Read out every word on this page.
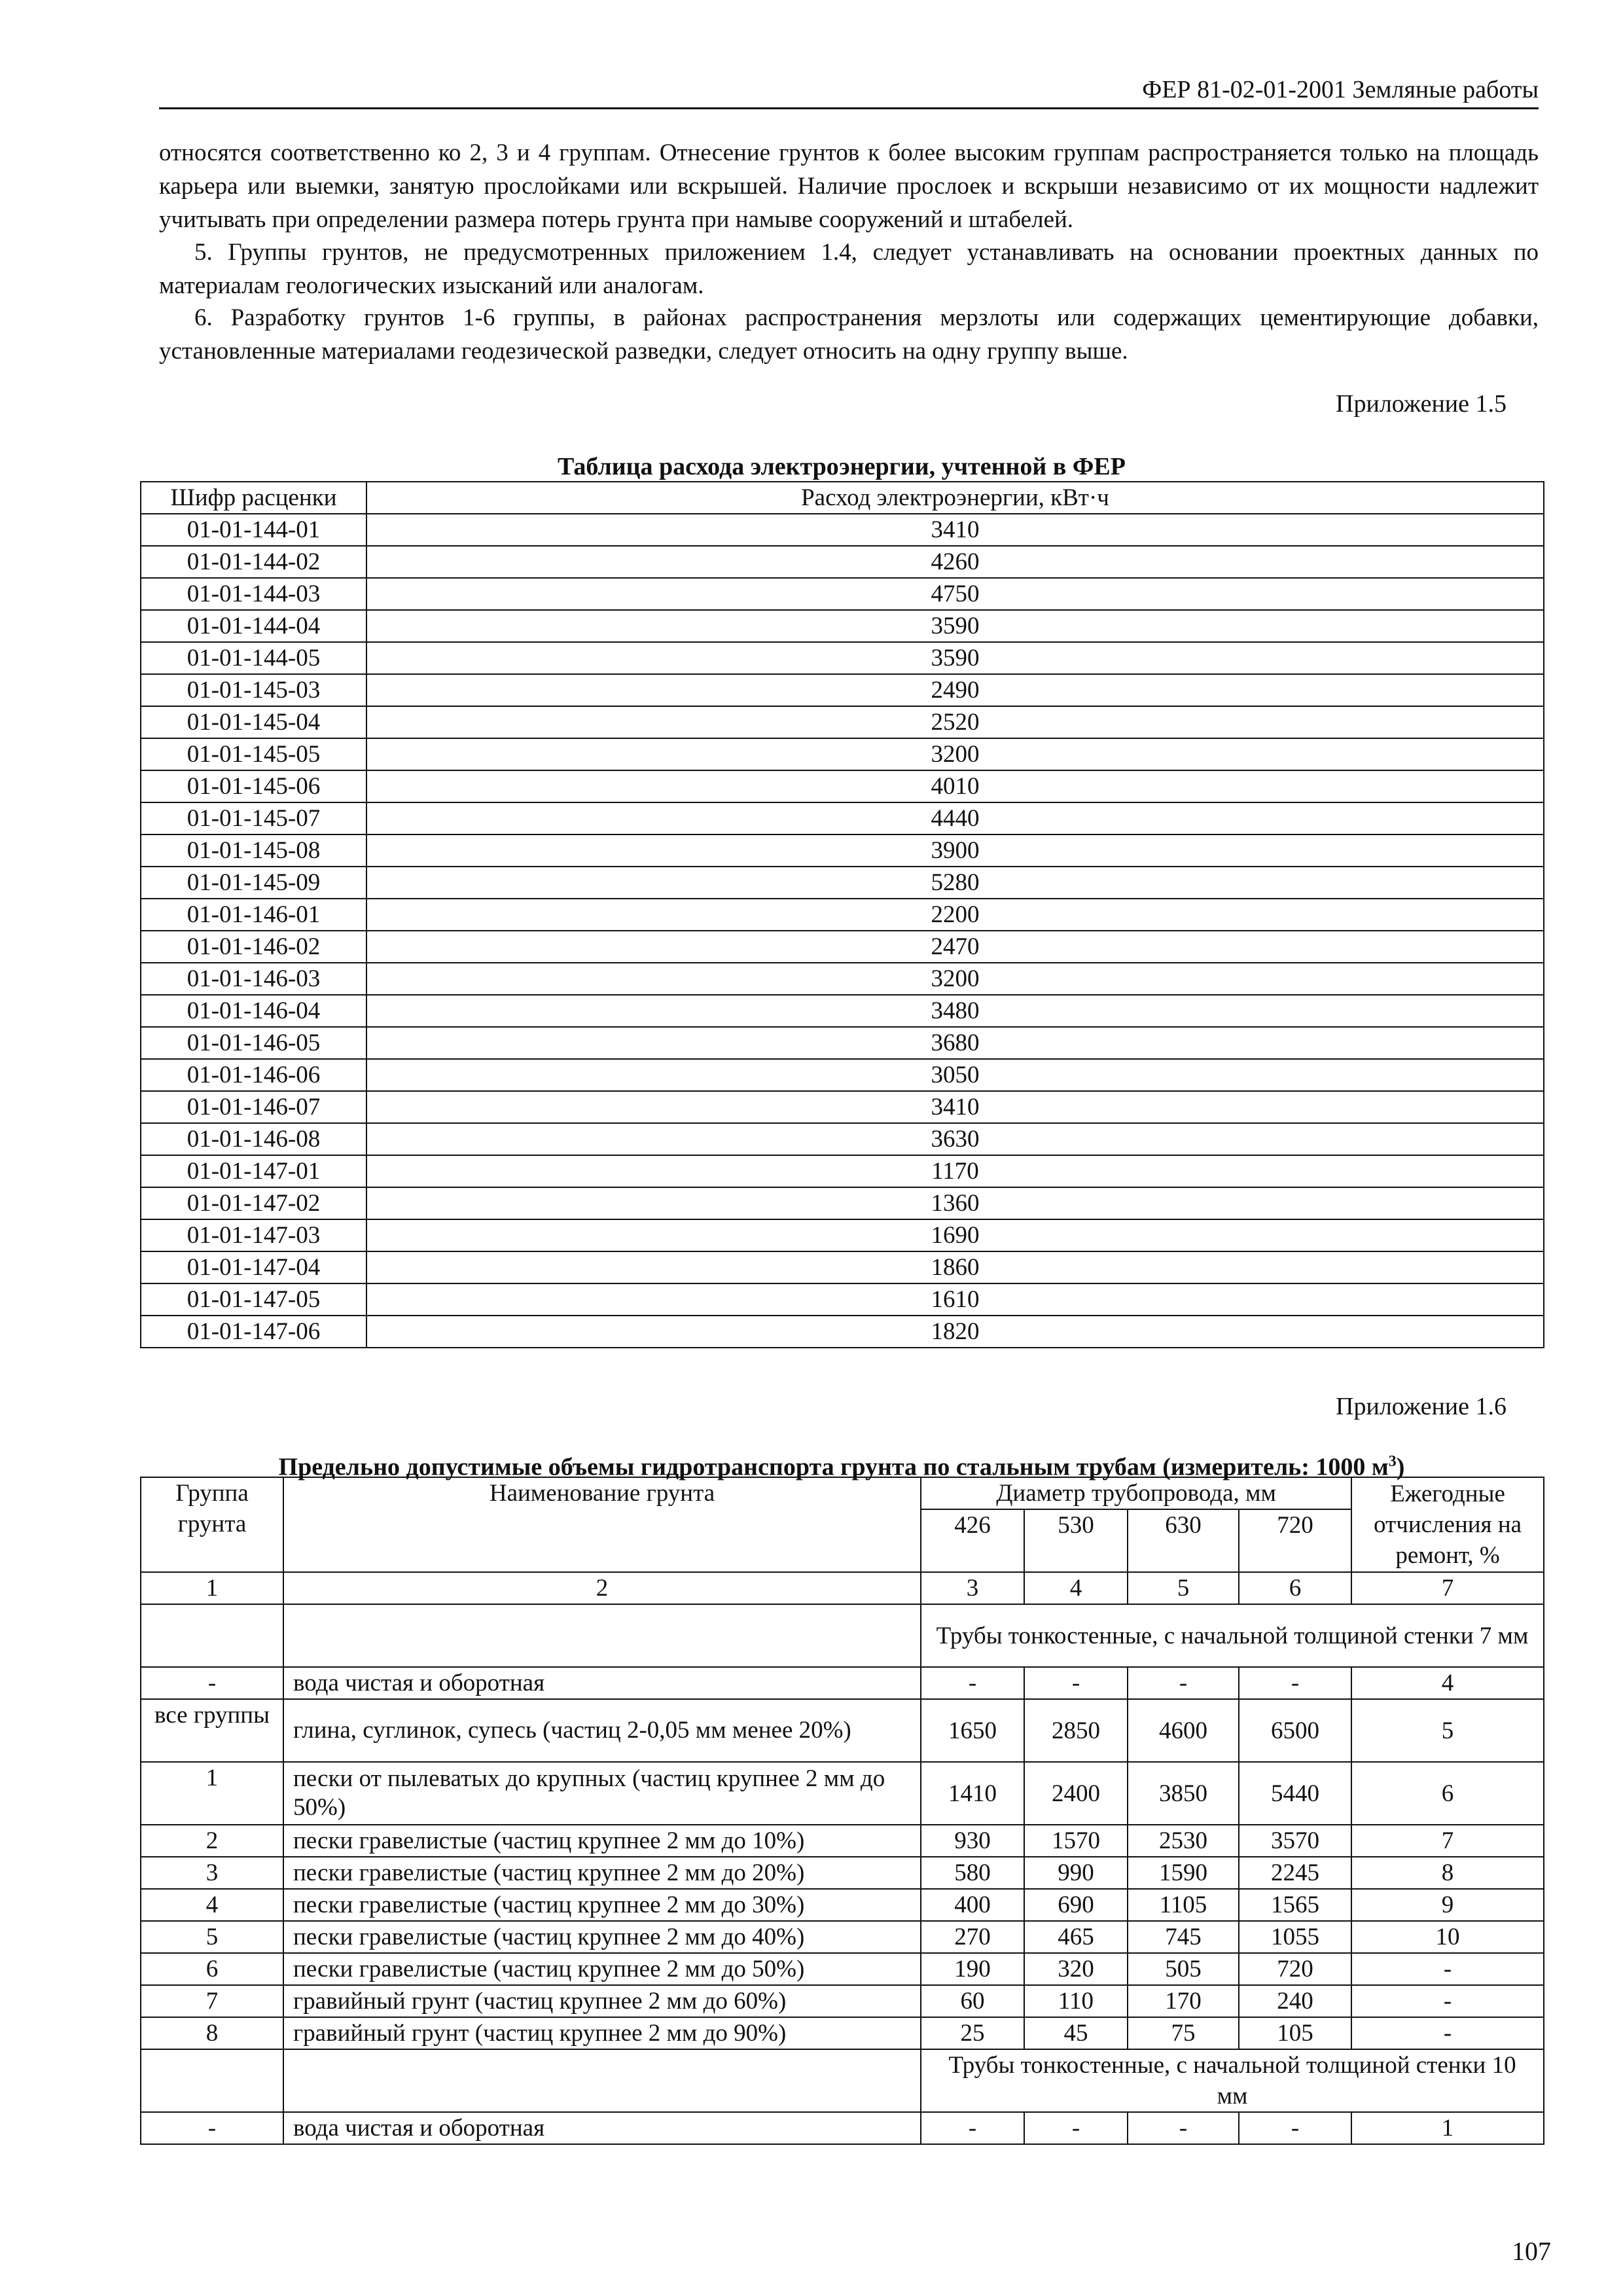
ФЕР 81-02-01-2001 Земляные работы

относятся соответственно ко 2, 3 и 4 группам. Отнесение грунтов к более высоким группам распространяется только на площадь карьера или выемки, занятую прослойками или вскрышей. Наличие прослоек и вскрыши независимо от их мощности надлежит учитывать при определении размера потерь грунта при намыве сооружений и штабелей.

5. Группы грунтов, не предусмотренных приложением 1.4, следует устанавливать на основании проектных данных по материалам геологических изысканий или аналогам.

6. Разработку грунтов 1-6 группы, в районах распространения мерзлоты или содержащих цементирующие добавки, установленные материалами геодезической разведки, следует относить на одну группу выше.

Приложение 1.5
Таблица расхода электроэнергии, учтенной в ФЕР
Шифр расценки	Расход электроэнергии, кВт·ч
01-01-144-01	3410
01-01-144-02	4260
01-01-144-03	4750
01-01-144-04	3590
01-01-144-05	3590
01-01-145-03	2490
01-01-145-04	2520
01-01-145-05	3200
01-01-145-06	4010
01-01-145-07	4440
01-01-145-08	3900
01-01-145-09	5280
01-01-146-01	2200
01-01-146-02	2470
01-01-146-03	3200
01-01-146-04	3480
01-01-146-05	3680
01-01-146-06	3050
01-01-146-07	3410
01-01-146-08	3630
01-01-147-01	1170
01-01-147-02	1360
01-01-147-03	1690
01-01-147-04	1860
01-01-147-05	1610
01-01-147-06	1820
Приложение 1.6
Предельно допустимые объемы гидротранспорта грунта по стальным трубам (измеритель: 1000 $м^3$)
Группа грунта	Наименование грунта	Диаметр трубопровода, мм				Ежегодные отчисления на ремонт, %
		426	530	630	720	
1	2	3	4	5	6	7
		Трубы тонкостенные, с начальной толщиной стенки 7 мм				
-	вода чистая и оборотная	-	-	-	-	4
все группы	глина, суглинок, супесь (частиц 2-0,05 мм менее 20%)	1650	2850	4600	6500	5
1	пески от пылеватых до крупных (частиц крупнее 2 мм до 50%)	1410	2400	3850	5440	6
2	пески гравелистые (частиц крупнее 2 мм до 10%)	930	1570	2530	3570	7
3	пески гравелистые (частиц крупнее 2 мм до 20%)	580	990	1590	2245	8
4	пески гравелистые (частиц крупнее 2 мм до 30%)	400	690	1105	1565	9
5	пески гравелистые (частиц крупнее 2 мм до 40%)	270	465	745	1055	10
6	пески гравелистые (частиц крупнее 2 мм до 50%)	190	320	505	720	-
7	гравийный грунт (частиц крупнее 2 мм до 60%)	60	110	170	240	-
8	гравийный грунт (частиц крупнее 2 мм до 90%)	25	45	75	105	-
		Трубы тонкостенные, с начальной толщиной стенки 10 мм				
-	вода чистая и оборотная	-	-	-	-	1
107
